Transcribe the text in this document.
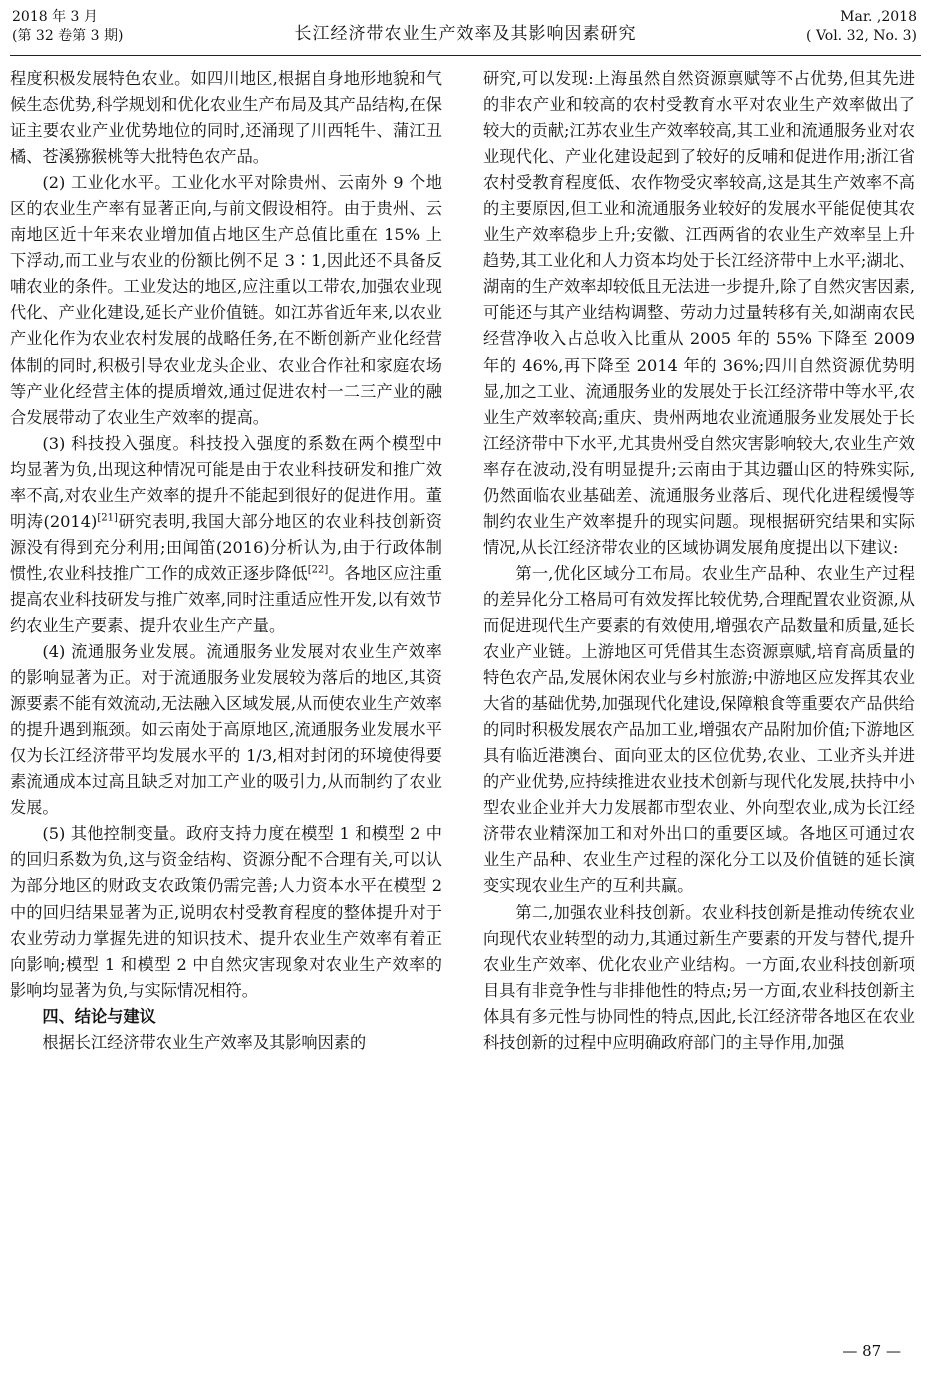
2018 年 3 月
(第 32 卷第 3 期)	长江经济带农业生产效率及其影响因素研究
Mar. ,2018
( Vol. 32, No. 3)

程度积极发展特色农业。如四川地区,根据自身地形地貌和气候生态优势,科学规划和优化农业生产布局及其产品结构,在保证主要农业产业优势地位的同时,还涌现了川西牦牛、蒲江丑橘、苍溪猕猴桃等大批特色农产品。

(2) 工业化水平。工业化水平对除贵州、云南外 9 个地区的农业生产率有显著正向,与前文假设相符。由于贵州、云南地区近十年来农业增加值占地区生产总值比重在 15% 上下浮动,而工业与农业的份额比例不足 3∶1,因此还不具备反哺农业的条件。工业发达的地区,应注重以工带农,加强农业现代化、产业化建设,延长产业价值链。如江苏省近年来,以农业产业化作为农业农村发展的战略任务,在不断创新产业化经营体制的同时,积极引导农业龙头企业、农业合作社和家庭农场等产业化经营主体的提质增效,通过促进农村一二三产业的融合发展带动了农业生产效率的提高。

(3) 科技投入强度。科技投入强度的系数在两个模型中均显著为负,出现这种情况可能是由于农业科技研发和推广效率不高,对农业生产效率的提升不能起到很好的促进作用。董明涛(2014)[21]研究表明,我国大部分地区的农业科技创新资源没有得到充分利用;田闻笛(2016)分析认为,由于行政体制惯性,农业科技推广工作的成效正逐步降低[22]。各地区应注重提高农业科技研发与推广效率,同时注重适应性开发,以有效节约农业生产要素、提升农业生产产量。

(4) 流通服务业发展。流通服务业发展对农业生产效率的影响显著为正。对于流通服务业发展较为落后的地区,其资源要素不能有效流动,无法融入区域发展,从而使农业生产效率的提升遇到瓶颈。如云南处于高原地区,流通服务业发展水平仅为长江经济带平均发展水平的 1/3,相对封闭的环境使得要素流通成本过高且缺乏对加工产业的吸引力,从而制约了农业发展。

(5) 其他控制变量。政府支持力度在模型 1 和模型 2 中的回归系数为负,这与资金结构、资源分配不合理有关,可以认为部分地区的财政支农政策仍需完善;人力资本水平在模型 2 中的回归结果显著为正,说明农村受教育程度的整体提升对于农业劳动力掌握先进的知识技术、提升农业生产效率有着正向影响;模型 1 和模型 2 中自然灾害现象对农业生产效率的影响均显著为负,与实际情况相符。

四、结论与建议

根据长江经济带农业生产效率及其影响因素的

研究,可以发现:上海虽然自然资源禀赋等不占优势,但其先进的非农产业和较高的农村受教育水平对农业生产效率做出了较大的贡献;江苏农业生产效率较高,其工业和流通服务业对农业现代化、产业化建设起到了较好的反哺和促进作用;浙江省农村受教育程度低、农作物受灾率较高,这是其生产效率不高的主要原因,但工业和流通服务业较好的发展水平能促使其农业生产效率稳步上升;安徽、江西两省的农业生产效率呈上升趋势,其工业化和人力资本均处于长江经济带中上水平;湖北、湖南的生产效率却较低且无法进一步提升,除了自然灾害因素,可能还与其产业结构调整、劳动力过量转移有关,如湖南农民经营净收入占总收入比重从 2005 年的 55% 下降至 2009 年的 46%,再下降至 2014 年的 36%;四川自然资源优势明显,加之工业、流通服务业的发展处于长江经济带中等水平,农业生产效率较高;重庆、贵州两地农业流通服务业发展处于长江经济带中下水平,尤其贵州受自然灾害影响较大,农业生产效率存在波动,没有明显提升;云南由于其边疆山区的特殊实际,仍然面临农业基础差、流通服务业落后、现代化进程缓慢等制约农业生产效率提升的现实问题。现根据研究结果和实际情况,从长江经济带农业的区域协调发展角度提出以下建议:

第一,优化区域分工布局。农业生产品种、农业生产过程的差异化分工格局可有效发挥比较优势,合理配置农业资源,从而促进现代生产要素的有效使用,增强农产品数量和质量,延长农业产业链。上游地区可凭借其生态资源禀赋,培育高质量的特色农产品,发展休闲农业与乡村旅游;中游地区应发挥其农业大省的基础优势,加强现代化建设,保障粮食等重要农产品供给的同时积极发展农产品加工业,增强农产品附加价值;下游地区具有临近港澳台、面向亚太的区位优势,农业、工业齐头并进的产业优势,应持续推进农业技术创新与现代化发展,扶持中小型农业企业并大力发展都市型农业、外向型农业,成为长江经济带农业精深加工和对外出口的重要区域。各地区可通过农业生产品种、农业生产过程的深化分工以及价值链的延长演变实现农业生产的互利共赢。

第二,加强农业科技创新。农业科技创新是推动传统农业向现代农业转型的动力,其通过新生产要素的开发与替代,提升农业生产效率、优化农业产业结构。一方面,农业科技创新项目具有非竞争性与非排他性的特点;另一方面,农业科技创新主体具有多元性与协同性的特点,因此,长江经济带各地区在农业科技创新的过程中应明确政府部门的主导作用,加强

— 87 —
